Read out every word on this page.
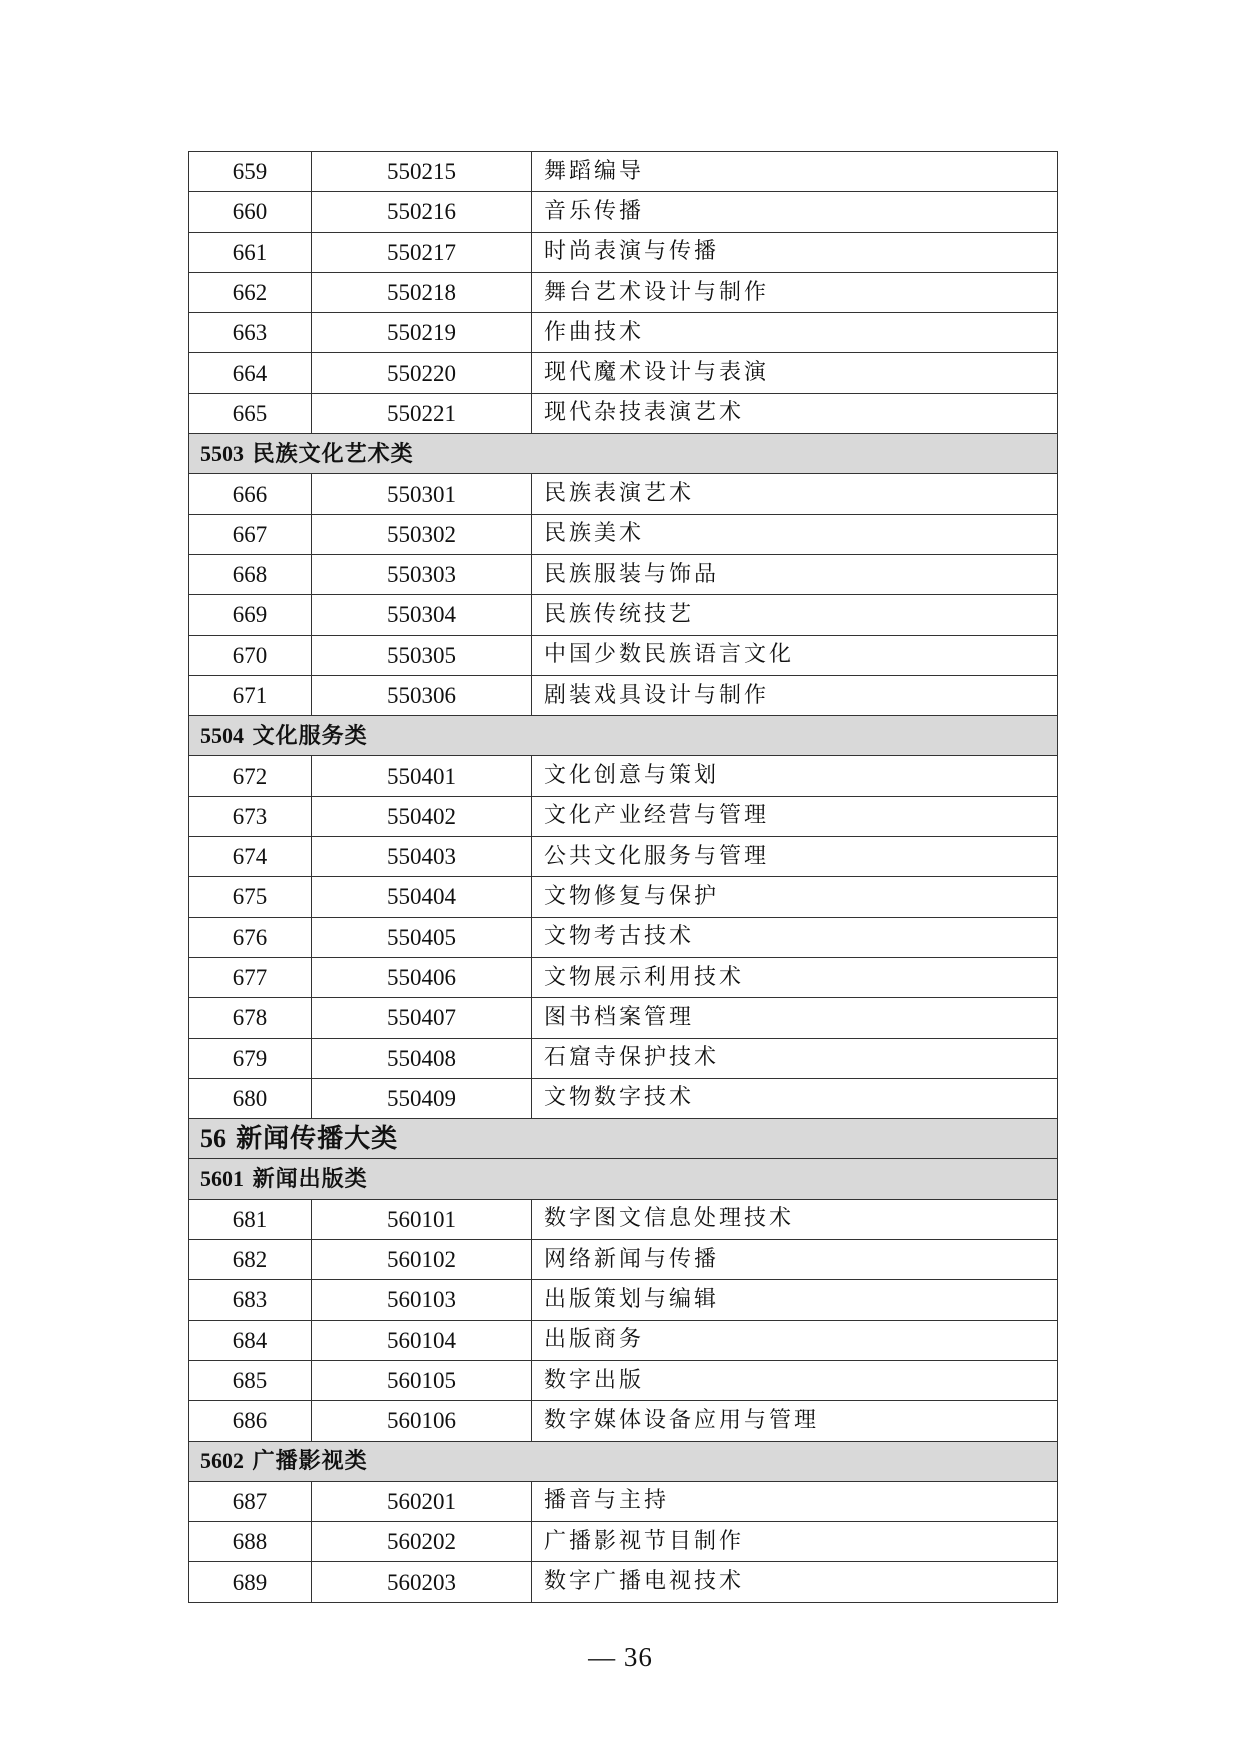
659	550215	舞蹈编导
660	550216	音乐传播
661	550217	时尚表演与传播
662	550218	舞台艺术设计与制作
663	550219	作曲技术
664	550220	现代魔术设计与表演
665	550221	现代杂技表演艺术
5503 民族文化艺术类		
666	550301	民族表演艺术
667	550302	民族美术
668	550303	民族服装与饰品
669	550304	民族传统技艺
670	550305	中国少数民族语言文化
671	550306	剧装戏具设计与制作
5504 文化服务类		
672	550401	文化创意与策划
673	550402	文化产业经营与管理
674	550403	公共文化服务与管理
675	550404	文物修复与保护
676	550405	文物考古技术
677	550406	文物展示利用技术
678	550407	图书档案管理
679	550408	石窟寺保护技术
680	550409	文物数字技术
56 新闻传播大类		
5601 新闻出版类		
681	560101	数字图文信息处理技术
682	560102	网络新闻与传播
683	560103	出版策划与编辑
684	560104	出版商务
685	560105	数字出版
686	560106	数字媒体设备应用与管理
5602 广播影视类		
687	560201	播音与主持
688	560202	广播影视节目制作
689	560203	数字广播电视技术
— 36
